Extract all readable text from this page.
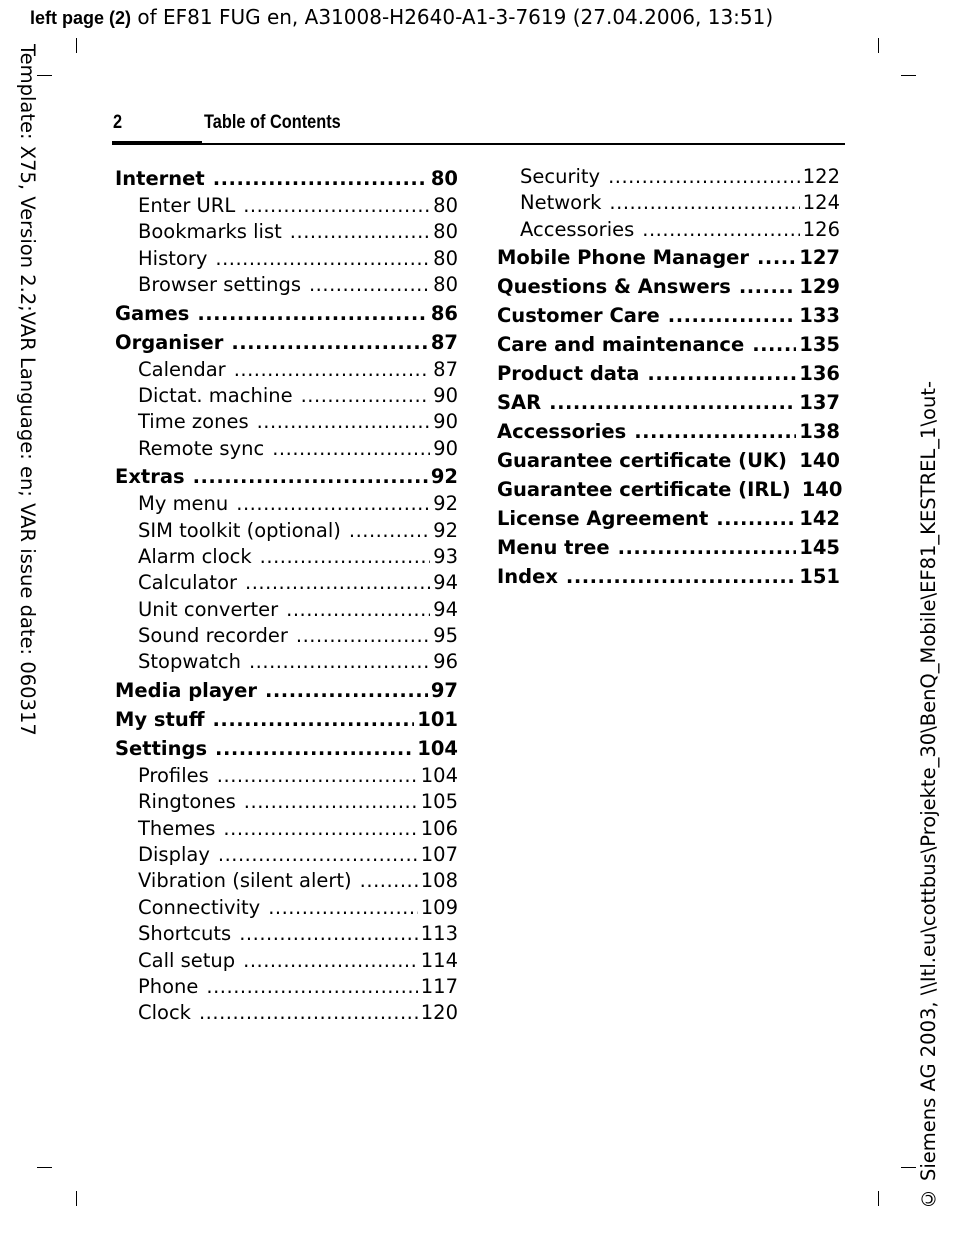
left page (2) of EF81 FUG en, A31008-H2640-A1-3-7619 (27.04.2006, 13:51)
Template: X75, Version 2.2;VAR Language: en; VAR issue date: 060317	© Siemens AG 2003, \\Itl.eu\cottbus\Projekte_30\BenQ_Mobile\EF81_KESTREL_1\out-
2	Table of Contents
Internet .....	80
Enter URL .....	80
Bookmarks list .....	80
History .....	80
Browser settings .....	80
Games .....	86
Organiser .....	87
Calendar .....	87
Dictat. machine .....	90
Time zones .....	90
Remote sync .....	90
Extras .....	92
My menu .....	92
SIM toolkit (optional) .....	92
Alarm clock .....	93
Calculator .....	94
Unit converter .....	94
Sound recorder .....	95
Stopwatch .....	96
Media player .....	97
My stuff .....	101
Settings .....	104
Profiles .....	104
Ringtones .....	105
Themes .....	106
Display .....	107
Vibration (silent alert) .....	108
Connectivity .....	109
Shortcuts .....	113
Call setup .....	114
Phone .....	117
Clock .....	120
Security .....	122
Network .....	124
Accessories .....	126
Mobile Phone Manager .....	127
Questions & Answers .....	129
Customer Care .....	133
Care and maintenance .....	135
Product data .....	136
SAR .....	137
Accessories .....	138
Guarantee certificate (UK) ..... 140
Guarantee certificate (IRL) 140
License Agreement .....	142
Menu tree .....	145
Index .....	151
